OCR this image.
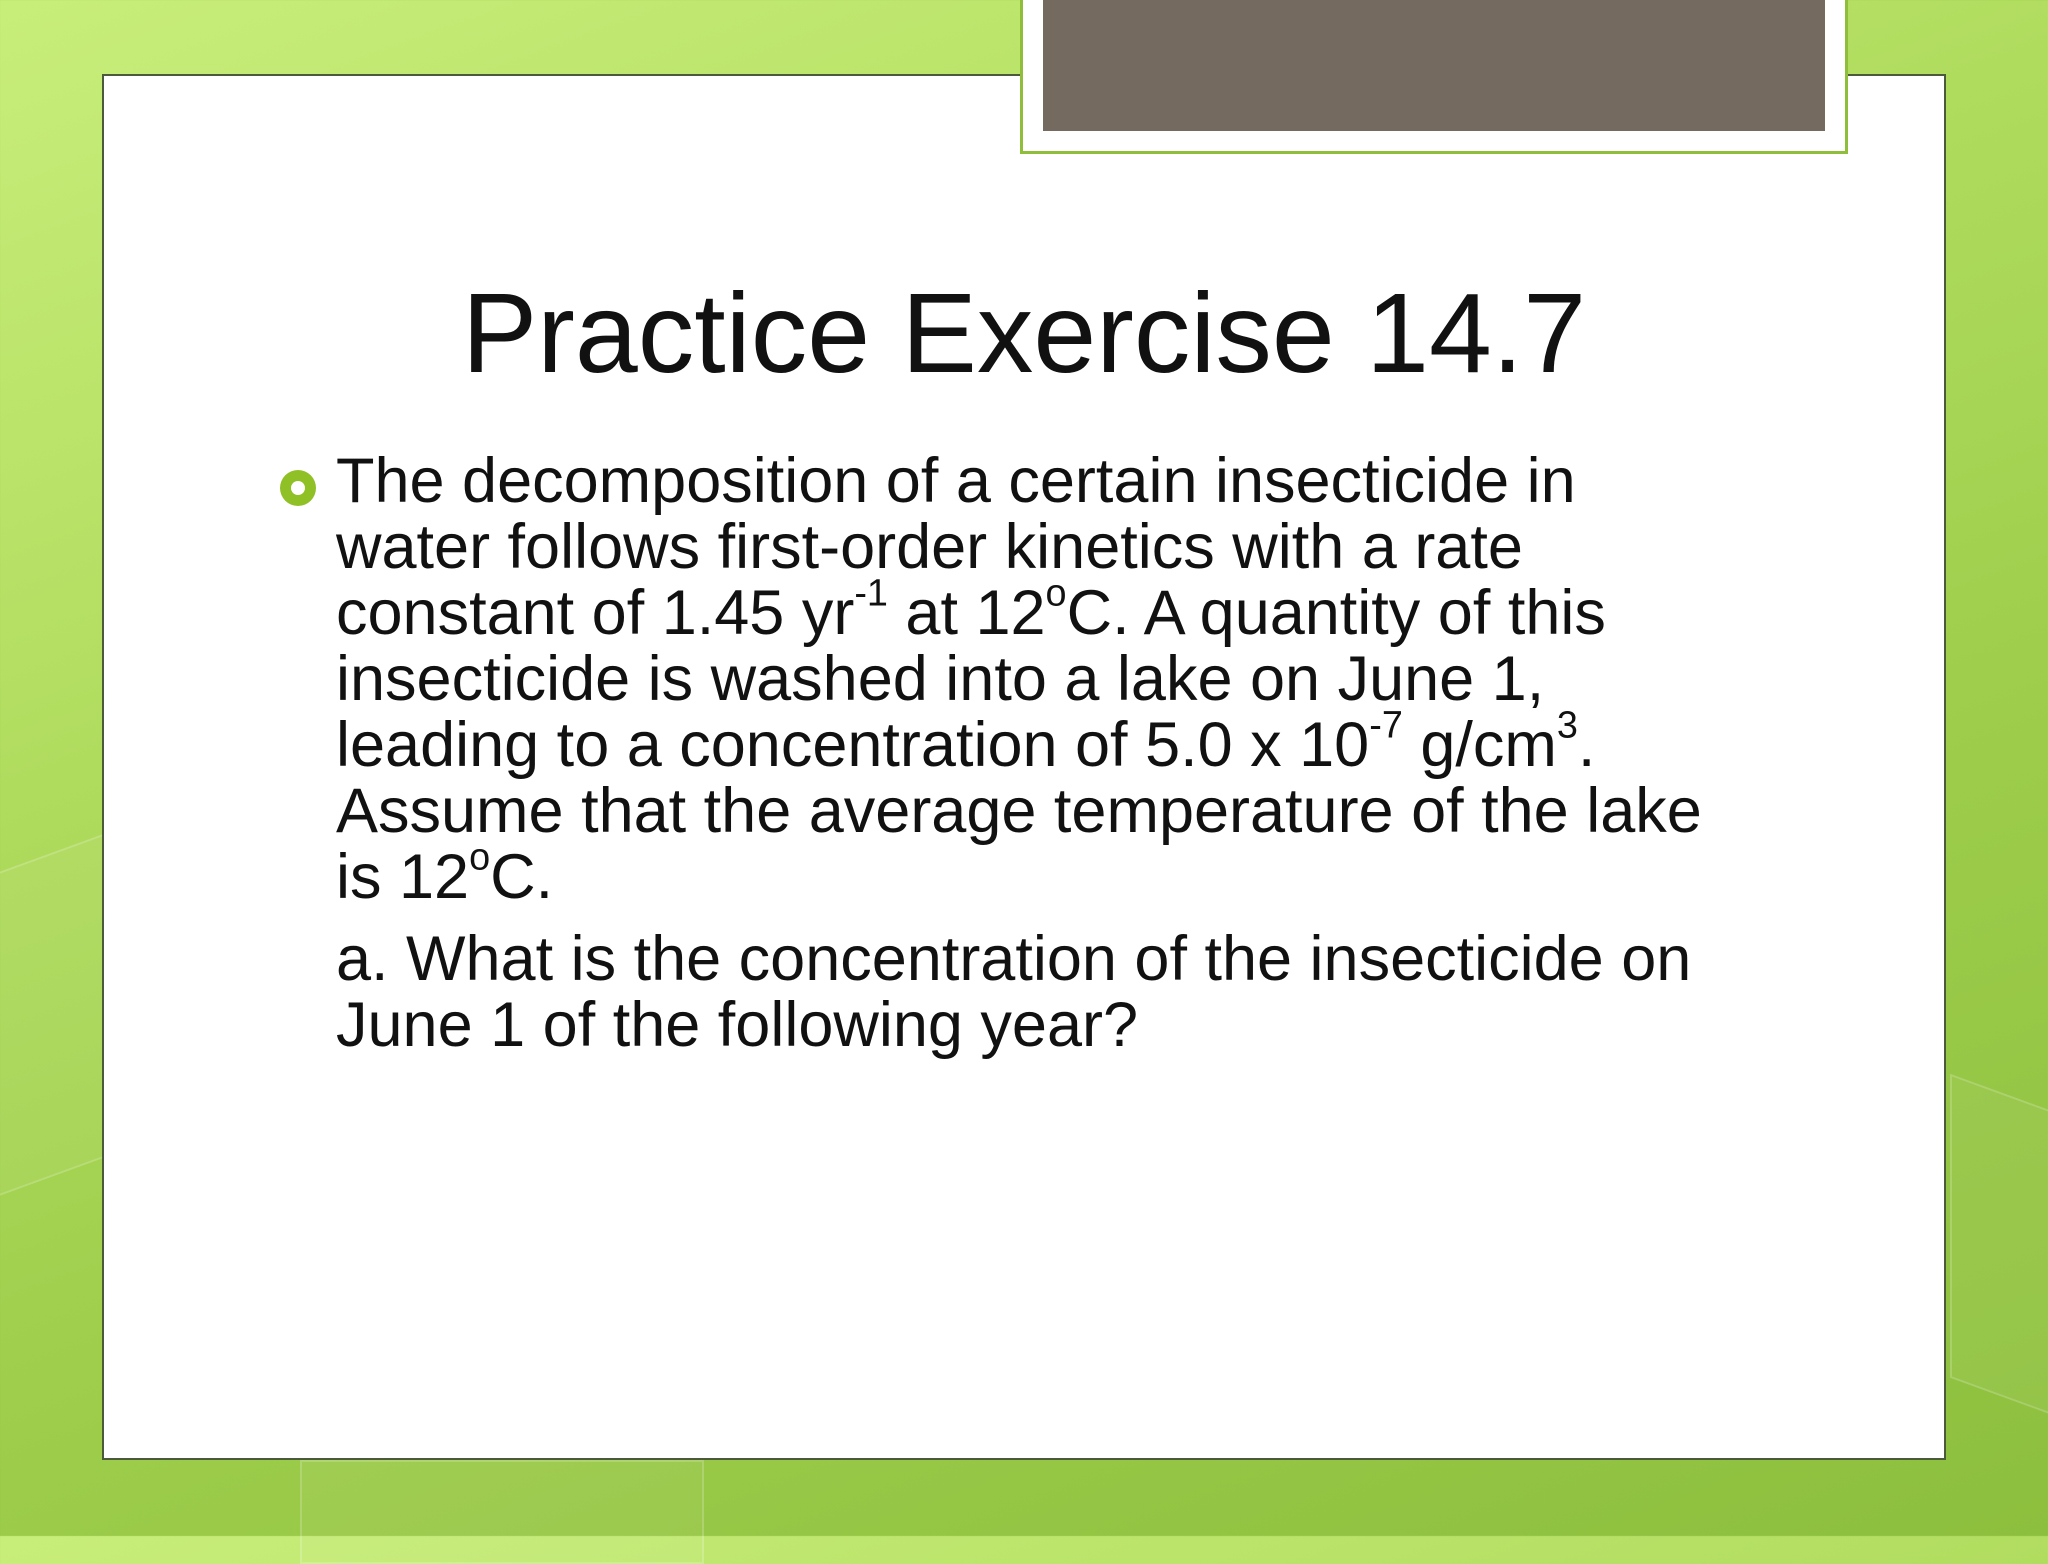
Practice Exercise 14.7

The decomposition of a certain insecticide in water follows first-order kinetics with a rate constant of 1.45 $yr^{-1}$ at 12$^o$C. A quantity of this insecticide is washed into a lake on June 1, leading to a concentration of 5.0 x $10^{-7}$ $g/cm^3$. Assume that the average temperature of the lake is 12$^o$C.

a. What is the concentration of the insecticide on June 1 of the following year?
